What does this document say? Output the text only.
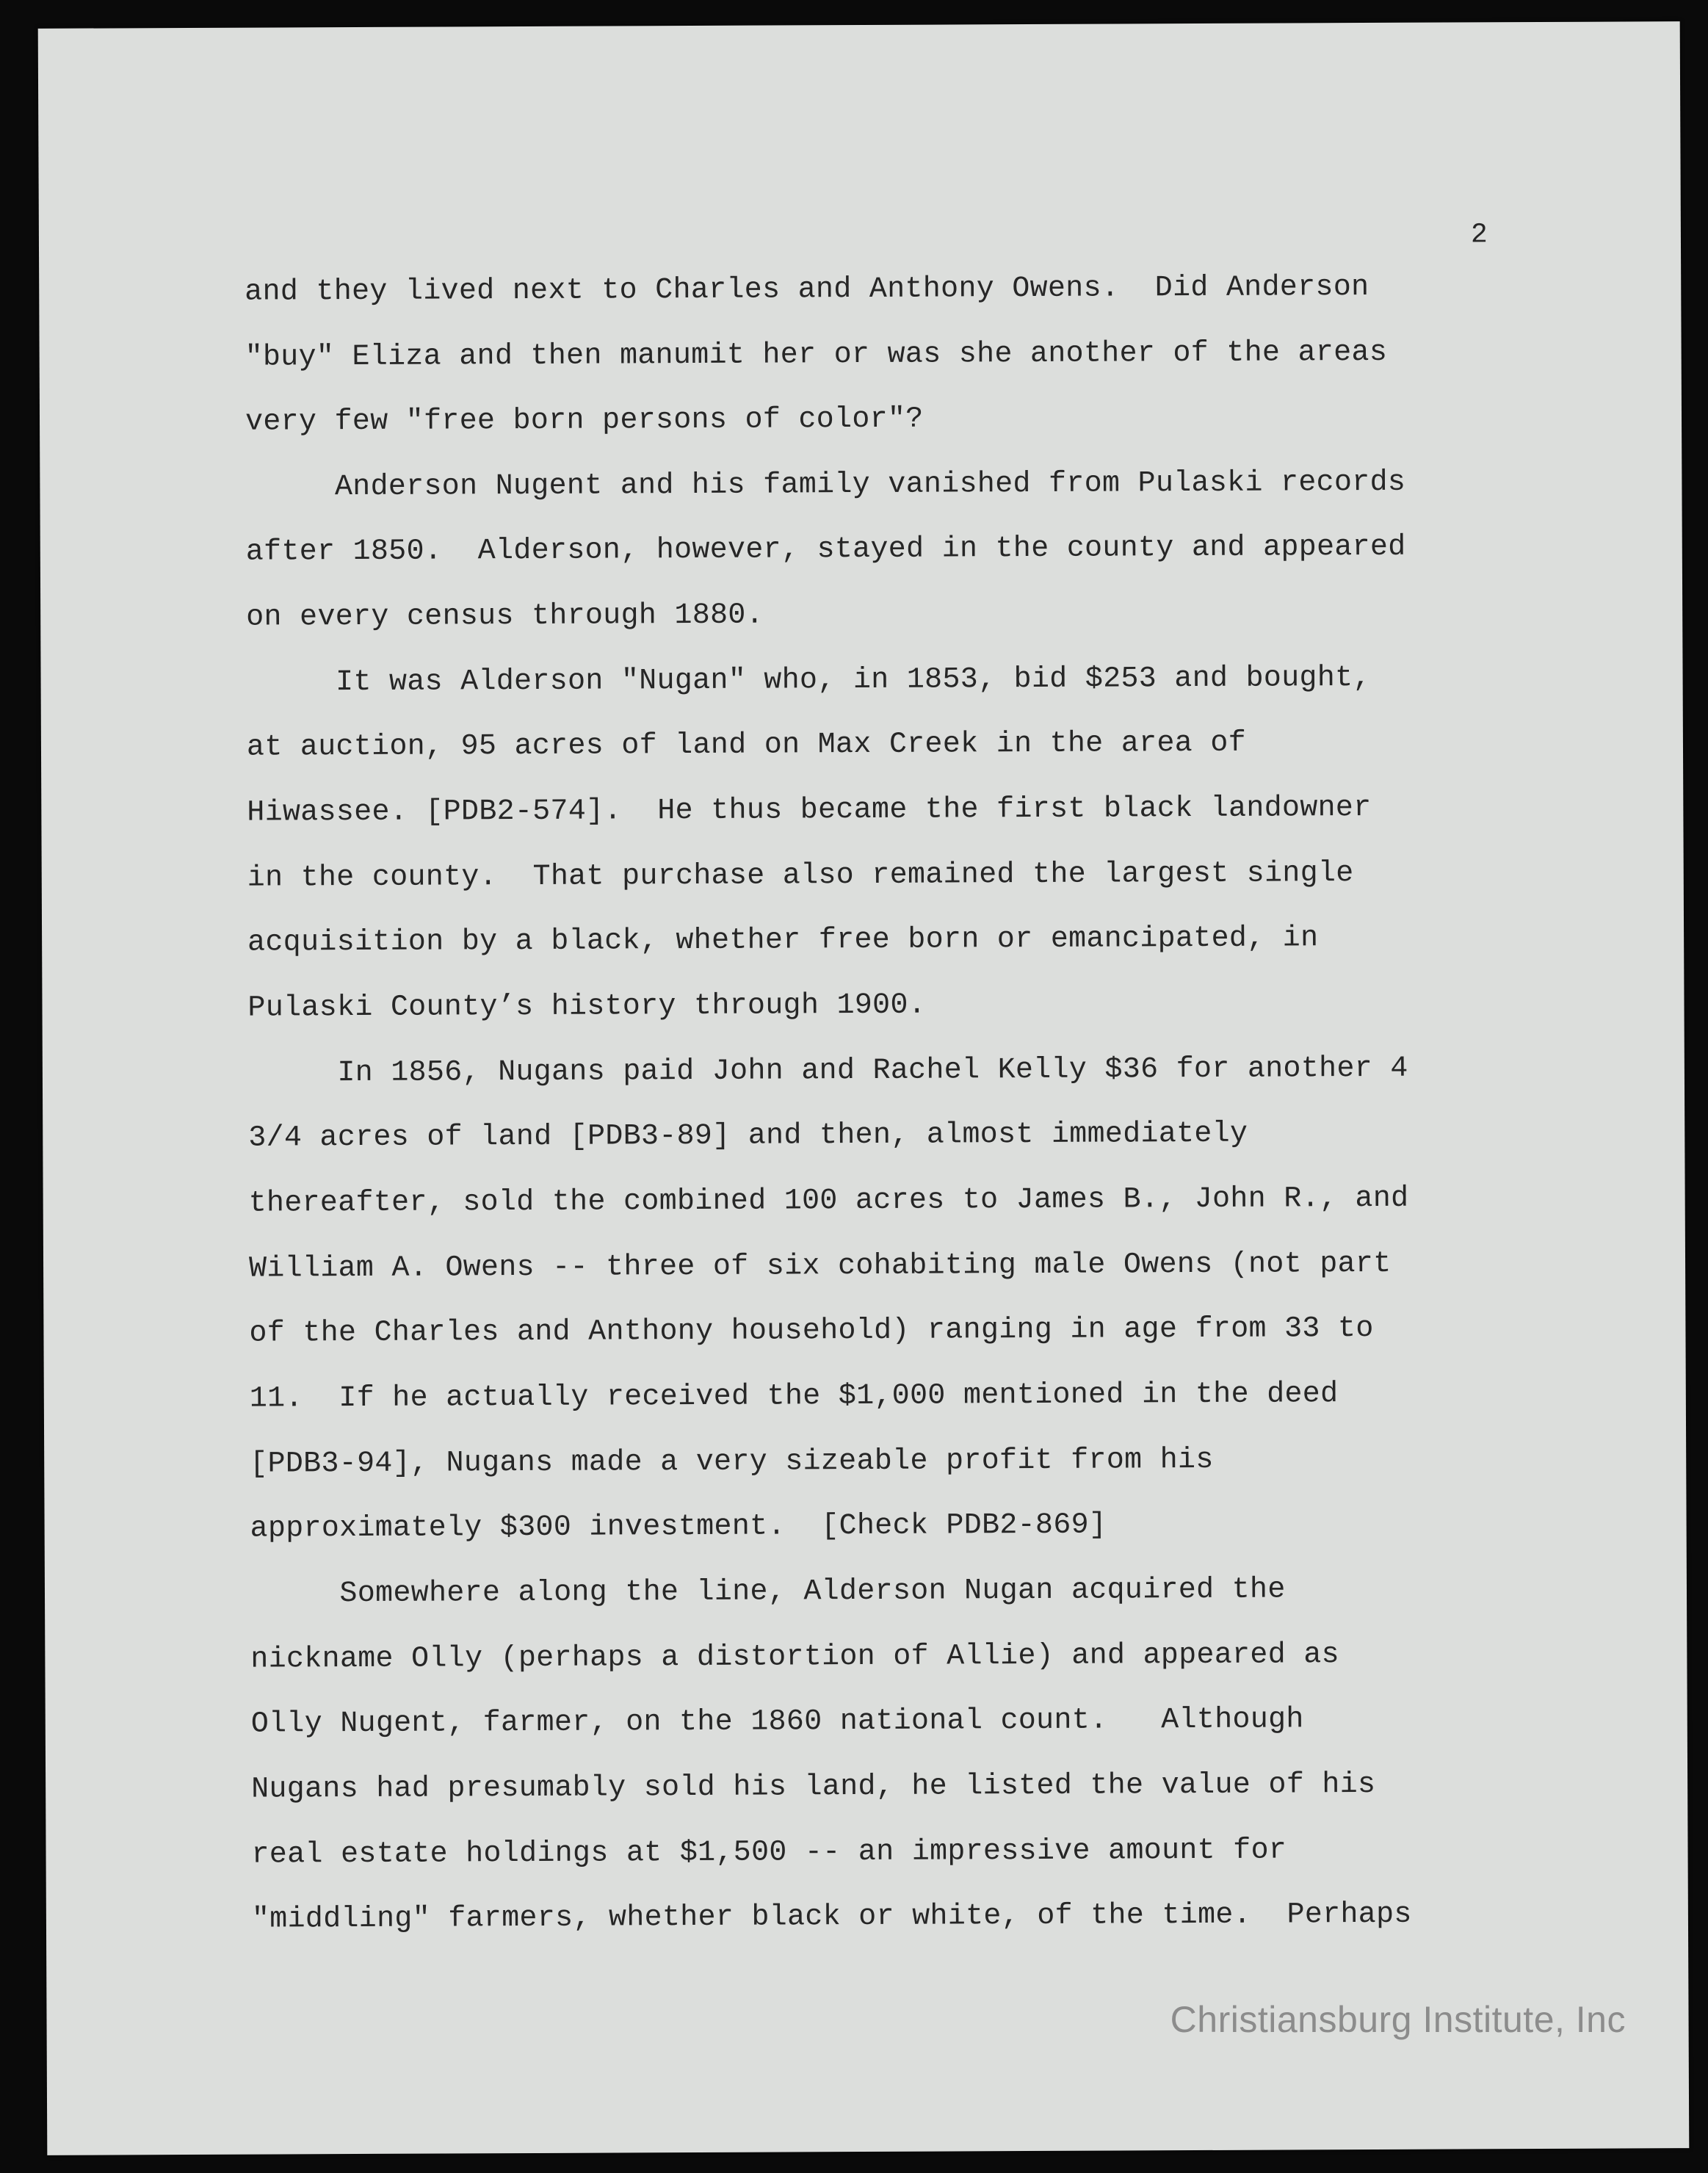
2
and they lived next to Charles and Anthony Owens.  Did Anderson
"buy" Eliza and then manumit her or was she another of the areas
very few "free born persons of color"?
Anderson Nugent and his family vanished from Pulaski records
after 1850.  Alderson, however, stayed in the county and appeared
on every census through 1880.
It was Alderson "Nugan" who, in 1853, bid $253 and bought,
at auction, 95 acres of land on Max Creek in the area of
Hiwassee. [PDB2-574].  He thus became the first black landowner
in the county.  That purchase also remained the largest single
acquisition by a black, whether free born or emancipated, in
Pulaski County’s history through 1900.
In 1856, Nugans paid John and Rachel Kelly $36 for another 4
3/4 acres of land [PDB3-89] and then, almost immediately
thereafter, sold the combined 100 acres to James B., John R., and
William A. Owens -- three of six cohabiting male Owens (not part
of the Charles and Anthony household) ranging in age from 33 to
11.  If he actually received the $1,000 mentioned in the deed
[PDB3-94], Nugans made a very sizeable profit from his
approximately $300 investment.  [Check PDB2-869]
Somewhere along the line, Alderson Nugan acquired the
nickname Olly (perhaps a distortion of Allie) and appeared as
Olly Nugent, farmer, on the 1860 national count.   Although
Nugans had presumably sold his land, he listed the value of his
real estate holdings at $1,500 -- an impressive amount for
"middling" farmers, whether black or white, of the time.  Perhaps
Christiansburg Institute, Inc
